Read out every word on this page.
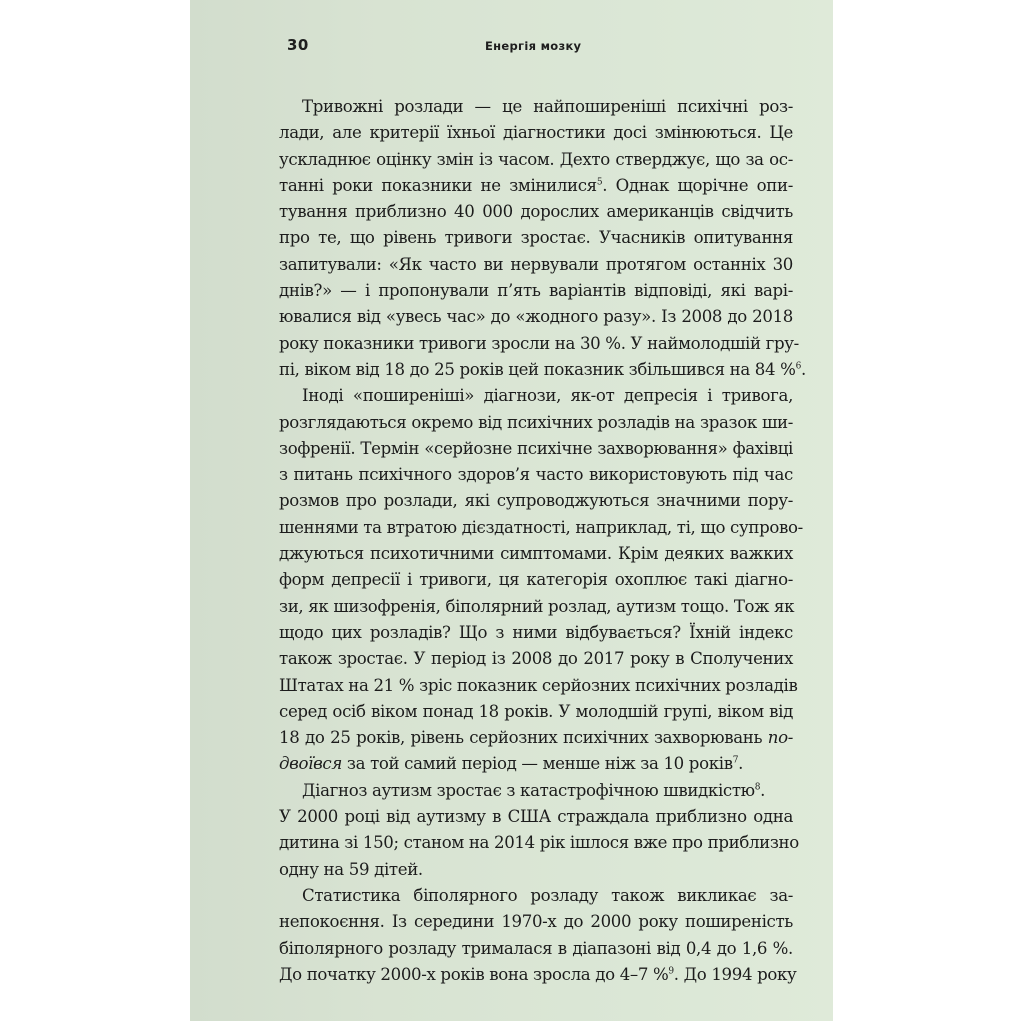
30	Енергія мозку
Тривожні розлади — це найпоширеніші психічні роз-
лади, але критерії їхньої діагностики досі змінюються. Це
ускладнює оцінку змін із часом. Дехто стверджує, що за ос-
танні роки показники не змінилися$^5$. Однак щорічне опи-
тування приблизно 40 000 дорослих американців свідчить
про те, що рівень тривоги зростає. Учасників опитування
запитували: «Як часто ви нервували протягом останніх 30
днів?» — і пропонували п’ять варіантів відповіді, які варі-
ювалися від «увесь час» до «жодного разу». Із 2008 до 2018
року показники тривоги зросли на 30 %. У наймолодшій гру-
пі, віком від 18 до 25 років цей показник збільшився на 84 %$^6$.
Іноді «поширеніші» діагнози, як-от депресія і тривога,
розглядаються окремо від психічних розладів на зразок ши-
зофренії. Термін «серйозне психічне захворювання» фахівці
з питань психічного здоров’я часто використовують під час
розмов про розлади, які супроводжуються значними пору-
шеннями та втратою дієздатності, наприклад, ті, що супрово-
джуються психотичними симптомами. Крім деяких важких
форм депресії і тривоги, ця категорія охоплює такі діагно-
зи, як шизофренія, біполярний розлад, аутизм тощо. Тож як
щодо цих розладів? Що з ними відбувається? Їхній індекс
також зростає. У період із 2008 до 2017 року в Сполучених
Штатах на 21 % зріс показник серйозних психічних розладів
серед осіб віком понад 18 років. У молодшій групі, віком від
18 до 25 років, рівень серйозних психічних захворювань по-
двоївся за той самий період — менше ніж за 10 років$^7$.
Діагноз аутизм зростає з катастрофічною швидкістю$^8$.
У 2000 році від аутизму в США страждала приблизно одна
дитина зі 150; станом на 2014 рік ішлося вже про приблизно
одну на 59 дітей.
Статистика біполярного розладу також викликає за-
непокоєння. Із середини 1970-х до 2000 року поширеність
біполярного розладу трималася в діапазоні від 0,4 до 1,6 %.
До початку 2000-х років вона зросла до 4–7 %$^9$. До 1994 року
